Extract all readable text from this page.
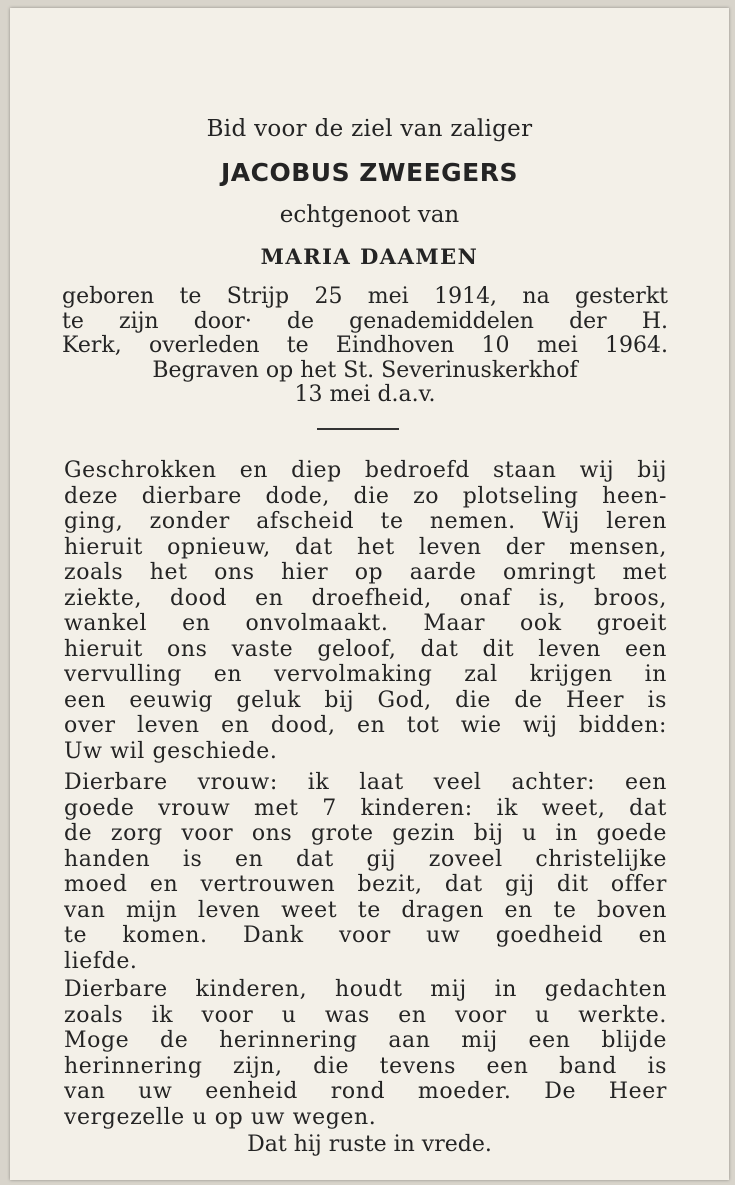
Bid voor de ziel van zaliger
JACOBUS ZWEEGERS
echtgenoot van
MARIA DAAMEN
geboren te Strijp 25 mei 1914, na gesterkt
te zijn door· de genademiddelen der H.
Kerk, overleden te Eindhoven 10 mei 1964.
Begraven op het St. Severinuskerkhof
13 mei d.a.v.
Geschrokken en diep bedroefd staan wij bij
deze dierbare dode, die zo plotseling heen-
ging, zonder afscheid te nemen. Wij leren
hieruit opnieuw, dat het leven der mensen,
zoals het ons hier op aarde omringt met
ziekte, dood en droefheid, onaf is, broos,
wankel en onvolmaakt. Maar ook groeit
hieruit ons vaste geloof, dat dit leven een
vervulling en vervolmaking zal krijgen in
een eeuwig geluk bij God, die de Heer is
over leven en dood, en tot wie wij bidden:
Uw wil geschiede.
Dierbare vrouw: ik laat veel achter: een
goede vrouw met 7 kinderen: ik weet, dat
de zorg voor ons grote gezin bij u in goede
handen is en dat gij zoveel christelijke
moed en vertrouwen bezit, dat gij dit offer
van mijn leven weet te dragen en te boven
te komen. Dank voor uw goedheid en
liefde.
Dierbare kinderen, houdt mij in gedachten
zoals ik voor u was en voor u werkte.
Moge de herinnering aan mij een blijde
herinnering zijn, die tevens een band is
van uw eenheid rond moeder. De Heer
vergezelle u op uw wegen.
Dat hij ruste in vrede.
